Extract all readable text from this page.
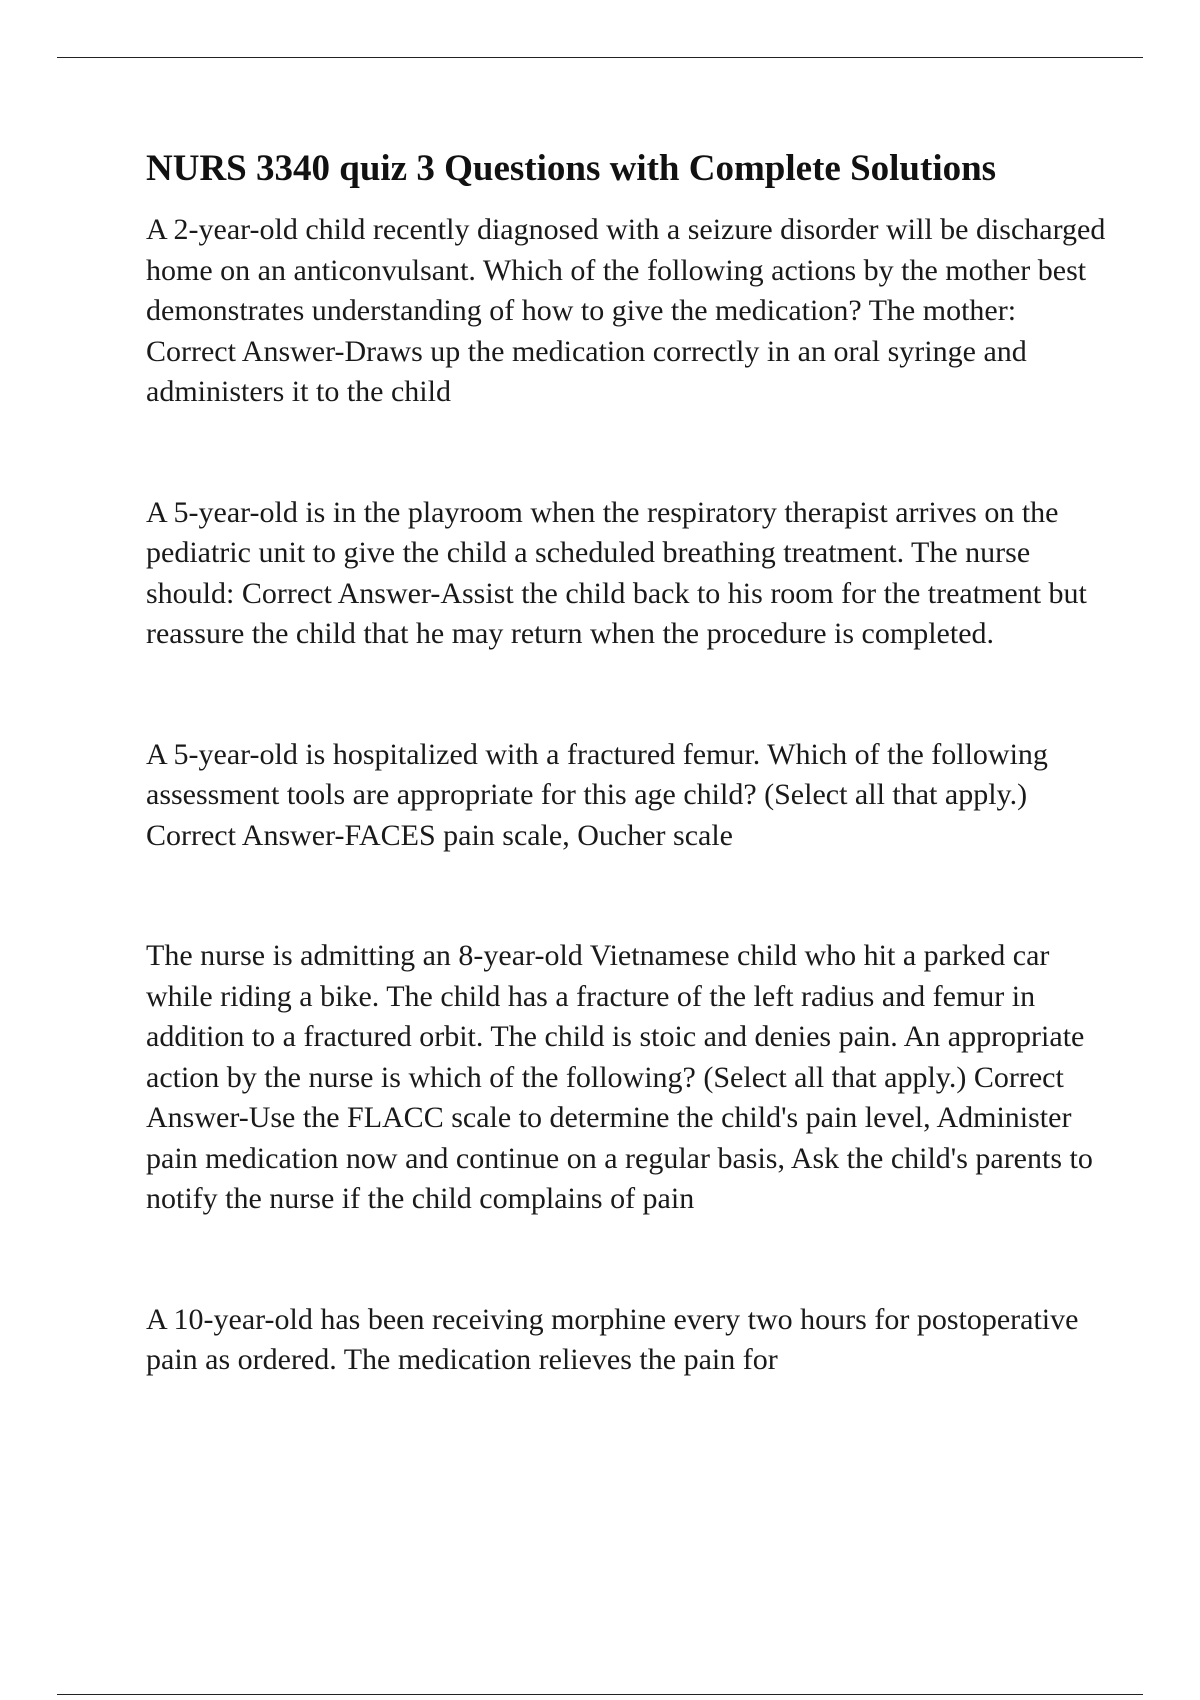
NURS 3340 quiz 3 Questions with Complete Solutions

A 2-year-old child recently diagnosed with a seizure disorder will be discharged home on an anticonvulsant. Which of the following actions by the mother best demonstrates understanding of how to give the medication? The mother: Correct Answer-Draws up the medication correctly in an oral syringe and administers it to the child

A 5-year-old is in the playroom when the respiratory therapist arrives on the pediatric unit to give the child a scheduled breathing treatment. The nurse should: Correct Answer-Assist the child back to his room for the treatment but reassure the child that he may return when the procedure is completed.

A 5-year-old is hospitalized with a fractured femur. Which of the following assessment tools are appropriate for this age child? (Select all that apply.) Correct Answer-FACES pain scale, Oucher scale

The nurse is admitting an 8-year-old Vietnamese child who hit a parked car while riding a bike. The child has a fracture of the left radius and femur in addition to a fractured orbit. The child is stoic and denies pain. An appropriate action by the nurse is which of the following? (Select all that apply.) Correct Answer-Use the FLACC scale to determine the child's pain level, Administer pain medication now and continue on a regular basis, Ask the child's parents to notify the nurse if the child complains of pain

A 10-year-old has been receiving morphine every two hours for postoperative pain as ordered. The medication relieves the pain for
